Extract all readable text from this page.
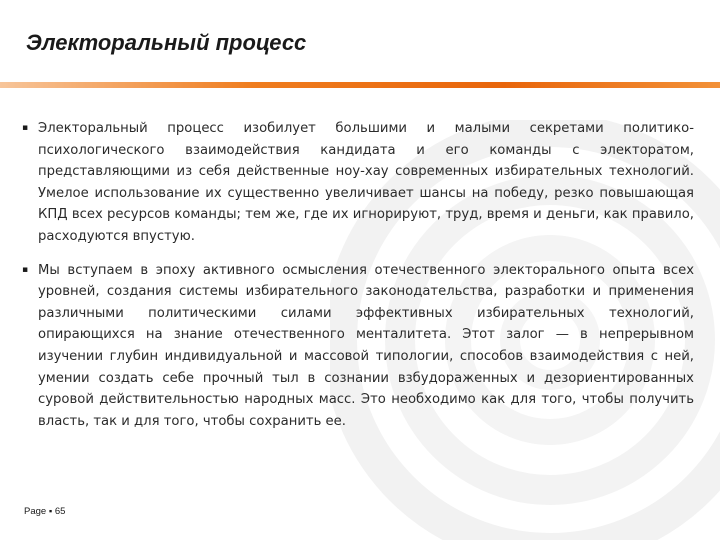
Электоральный процесс

▪ Электоральный процесс изобилует большими и малыми секретами политико-психологического взаимодействия кандидата и его команды с электоратом, представляющими из себя действенные ноу-хау современных избирательных технологий. Умелое использование их существенно увеличивает шансы на победу, резко повышающая КПД всех ресурсов команды; тем же, где их игнорируют, труд, время и деньги, как правило, расходуются впустую.

▪ Мы вступаем в эпоху активного осмысления отечественного электорального опыта всех уровней, создания системы избирательного законодательства, разработки и применения различными политическими силами эффективных избирательных технологий, опирающихся на знание отечественного менталитета. Этот залог — в непрерывном изучении глубин индивидуальной и массовой типологии, способов взаимодействия с ней, умении создать себе прочный тыл в сознании взбудораженных и дезориентированных суровой действительностью народных масс. Это необходимо как для того, чтобы получить власть, так и для того, чтобы сохранить ее.

Page ▪ 65
